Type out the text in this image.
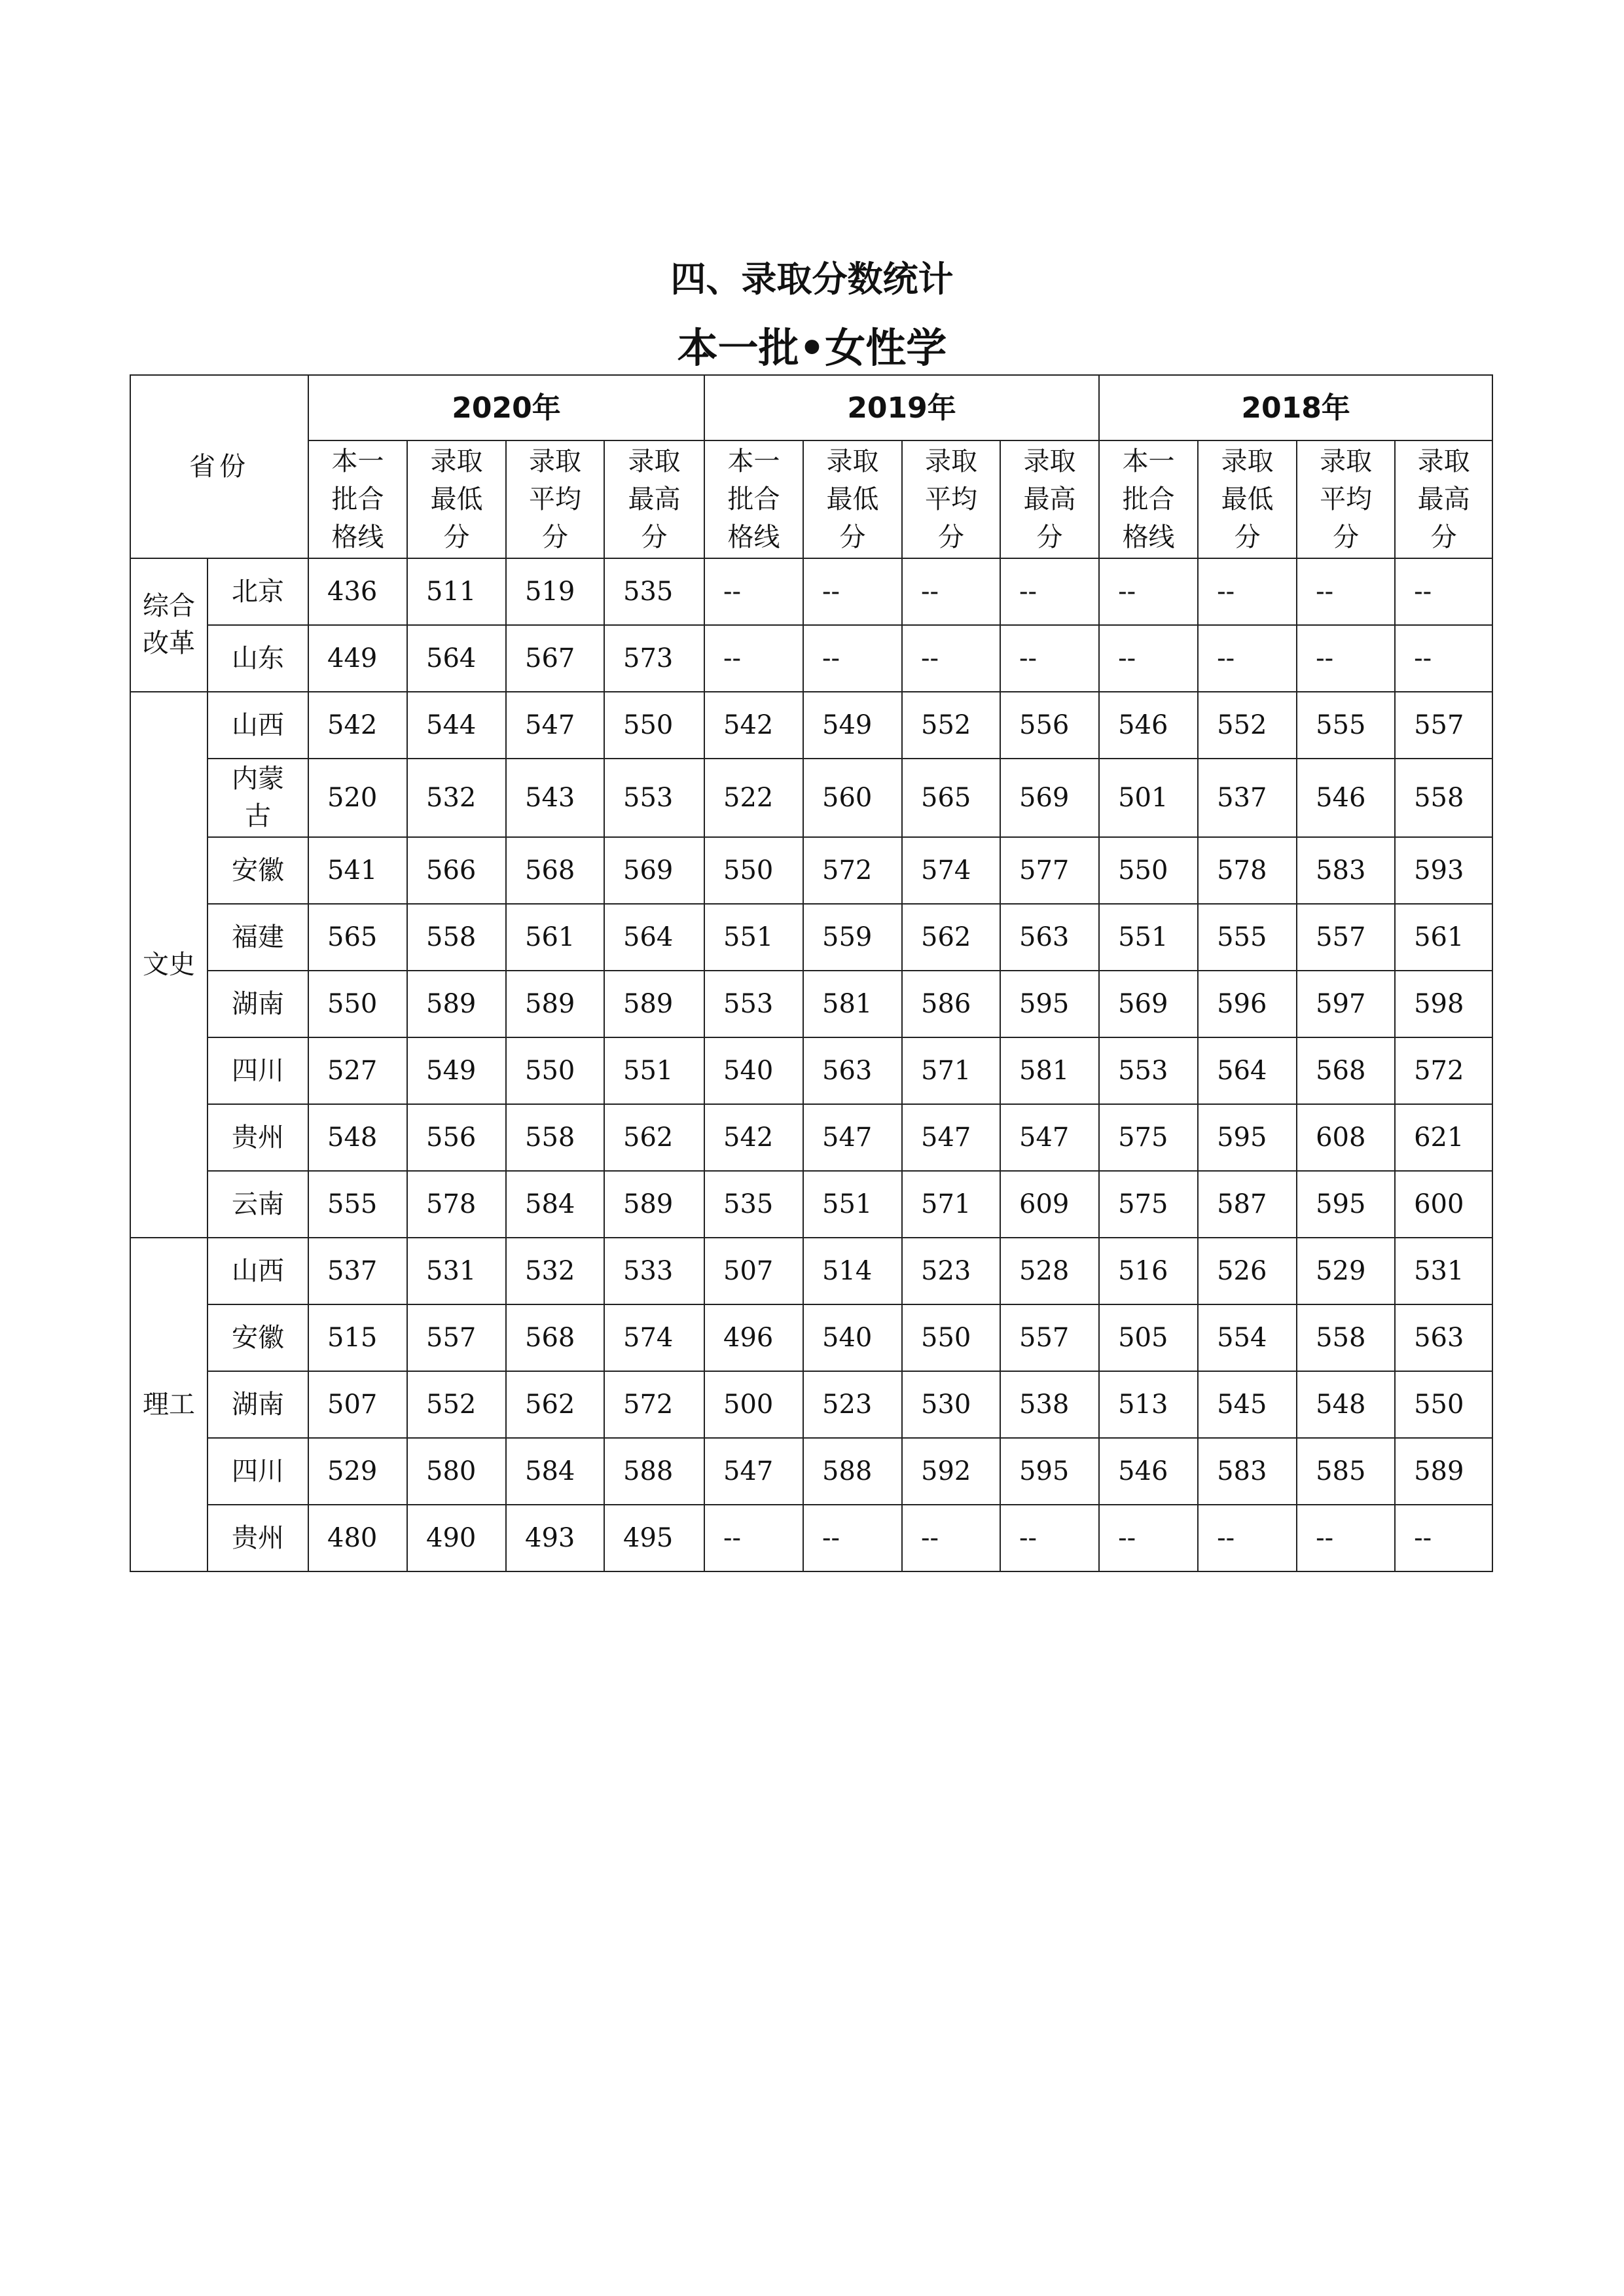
四、录取分数统计
本一批•女性学
省份		2020年				2019年				2018年			
		本一批合格线	录取最低分	录取平均分	录取最高分	本一批合格线	录取最低分	录取平均分	录取最高分	本一批合格线	录取最低分	录取平均分	录取最高分
综合改革	北京	436	511	519	535	--	--	--	--	--	--	--	--
	山东	449	564	567	573	--	--	--	--	--	--	--	--
文史	山西	542	544	547	550	542	549	552	556	546	552	555	557
	内蒙古	520	532	543	553	522	560	565	569	501	537	546	558
	安徽	541	566	568	569	550	572	574	577	550	578	583	593
	福建	565	558	561	564	551	559	562	563	551	555	557	561
	湖南	550	589	589	589	553	581	586	595	569	596	597	598
	四川	527	549	550	551	540	563	571	581	553	564	568	572
	贵州	548	556	558	562	542	547	547	547	575	595	608	621
	云南	555	578	584	589	535	551	571	609	575	587	595	600
理工	山西	537	531	532	533	507	514	523	528	516	526	529	531
	安徽	515	557	568	574	496	540	550	557	505	554	558	563
	湖南	507	552	562	572	500	523	530	538	513	545	548	550
	四川	529	580	584	588	547	588	592	595	546	583	585	589
	贵州	480	490	493	495	--	--	--	--	--	--	--	--
